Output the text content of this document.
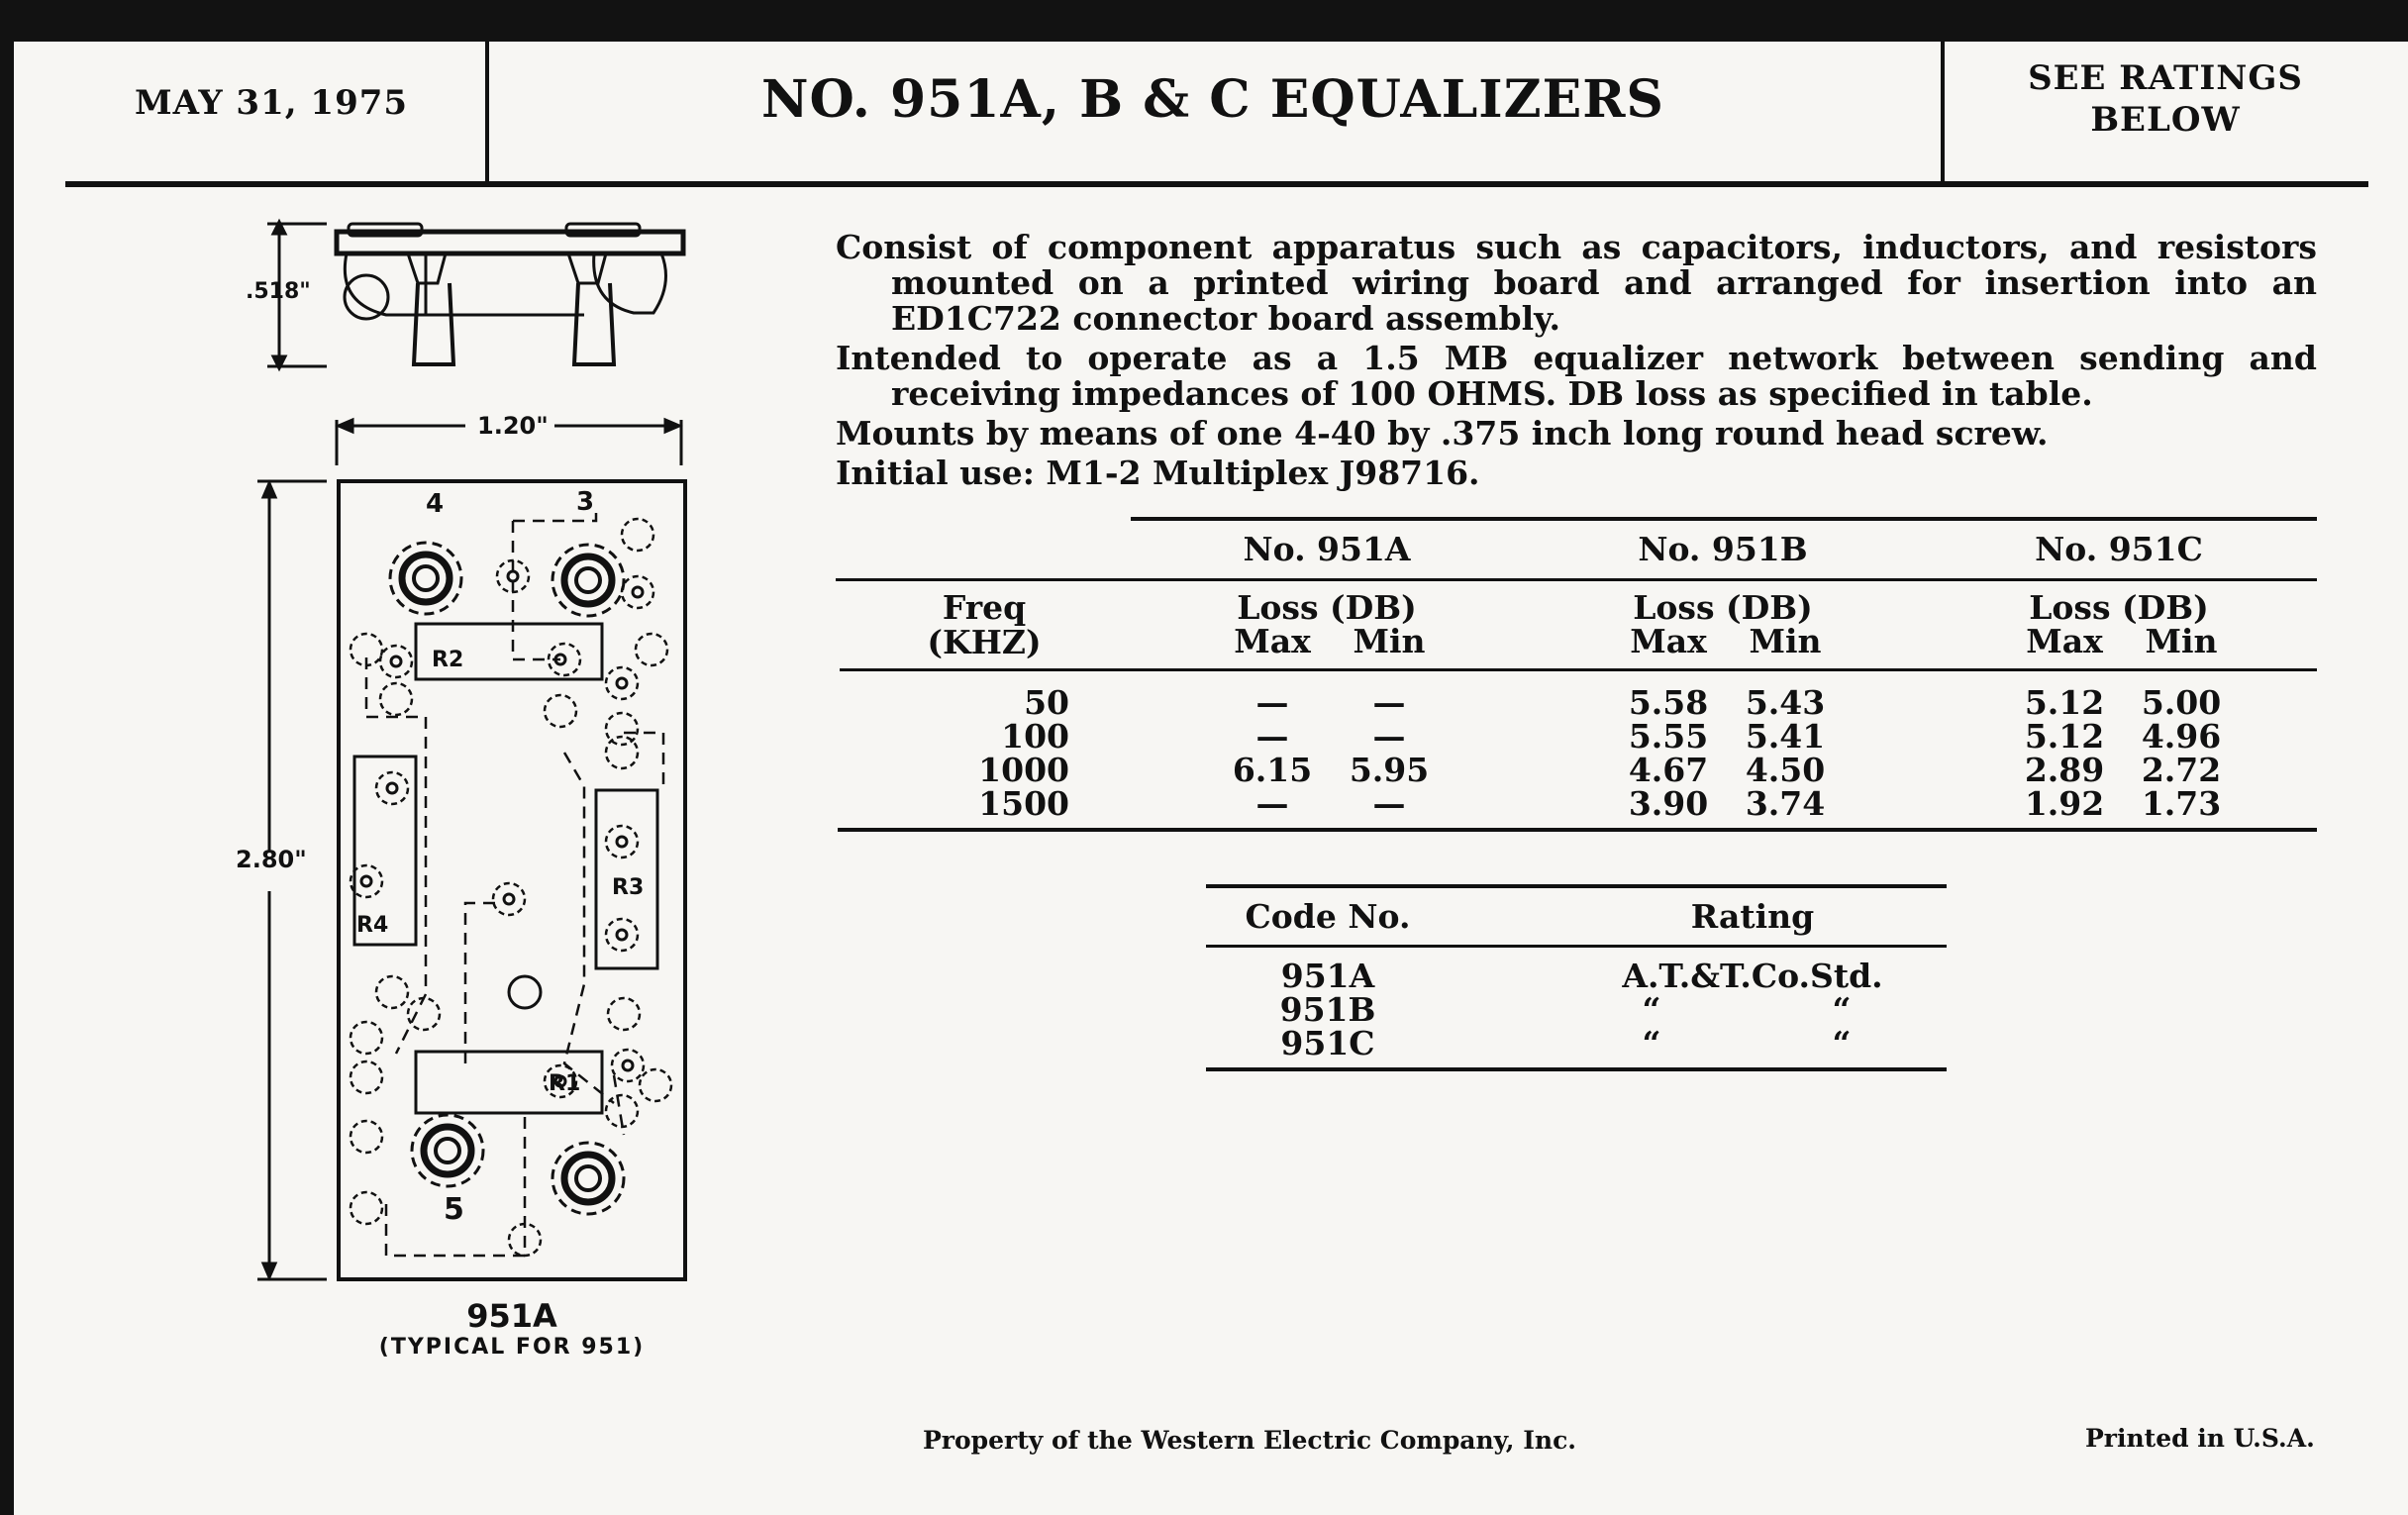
MAY 31, 1975	NO. 951A, B & C EQUALIZERS	SEE RATINGS
BELOW

Consist of component apparatus such as capacitors, inductors, and resistors mounted on a printed wiring board and arranged for insertion into an ED1C722 connector board assembly.

Intended to operate as a 1.5 MB equalizer network between sending and receiving impedances of 100 OHMS. DB loss as specified in table.

Mounts by means of one 4-40 by .375 inch long round head screw.

Initial use: M1-2 Multiplex J98716.

No. 951A	No. 951B	No. 951C
Freq
(KHZ)
Loss (DB)
Max	Min
Loss (DB)
Max	Min
Loss (DB)
Max	Min
50	—	—	5.58	5.43	5.12	5.00
100	—	—	5.55	5.41	5.12	4.96
1000	6.15	5.95	4.67	4.50	2.89	2.72
1500	—	—	3.90	3.74	1.92	1.73
Code No.	Rating
951A	A.T.&T.Co.Std.
951B	“	“
951C	“	“
.518"
1.20"
2.80"
R2
R4
R3
R1
4	3
5
951A
(TYPICAL FOR 951)
Property of the Western Electric Company, Inc.	Printed in U.S.A.
